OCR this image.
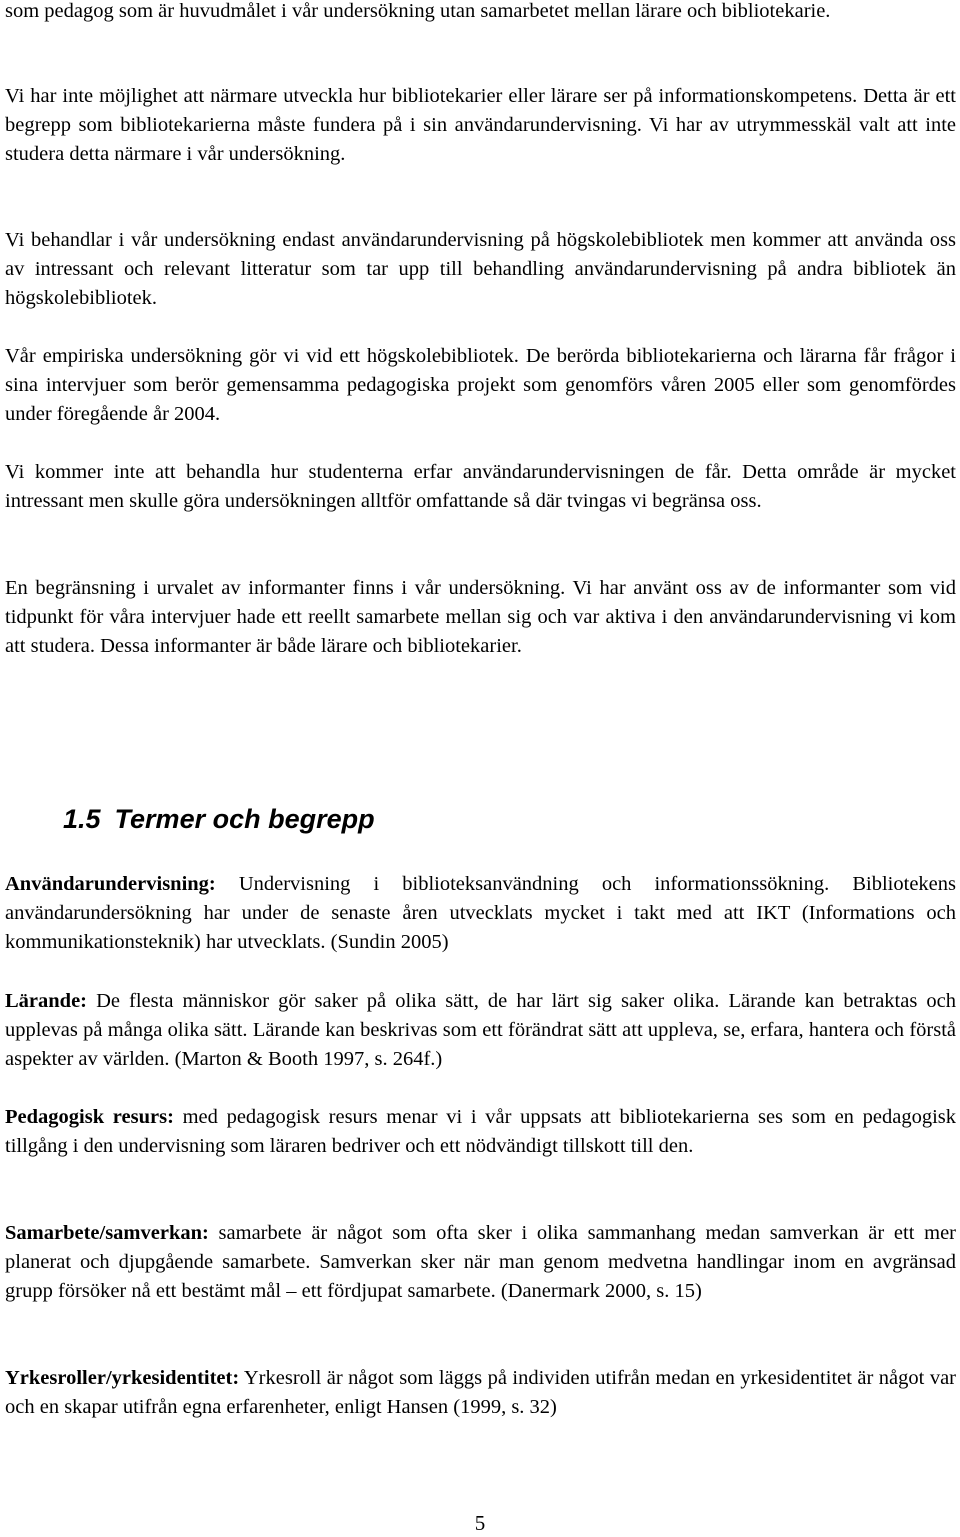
som pedagog som är huvudmålet i vår undersökning utan samarbetet mellan lärare och bibliotekarie.

Vi har inte möjlighet att närmare utveckla hur bibliotekarier eller lärare ser på informationskompetens. Detta är ett begrepp som bibliotekarierna måste fundera på i sin användarundervisning. Vi har av utrymmesskäl valt att inte studera detta närmare i vår undersökning.

Vi behandlar i vår undersökning endast användarundervisning på högskolebibliotek men kommer att använda oss av intressant och relevant litteratur som tar upp till behandling användarundervisning på andra bibliotek än högskolebibliotek.

Vår empiriska undersökning gör vi vid ett högskolebibliotek. De berörda bibliotekarierna och lärarna får frågor i sina intervjuer som berör gemensamma pedagogiska projekt som genomförs våren 2005 eller som genomfördes under föregående år 2004.

Vi kommer inte att behandla hur studenterna erfar användarundervisningen de får. Detta område är mycket intressant men skulle göra undersökningen alltför omfattande så där tvingas vi begränsa oss.

En begränsning i urvalet av informanter finns i vår undersökning. Vi har använt oss av de informanter som vid tidpunkt för våra intervjuer hade ett reellt samarbete mellan sig och var aktiva i den användarundervisning vi kom att studera. Dessa informanter är både lärare och bibliotekarier.

Användarundervisning: Undervisning i biblioteksanvändning och informationssökning. Bibliotekens användarundersökning har under de senaste åren utvecklats mycket i takt med att IKT (Informations och kommunikationsteknik) har utvecklats. (Sundin 2005)

Lärande: De flesta människor gör saker på olika sätt, de har lärt sig saker olika. Lärande kan betraktas och upplevas på många olika sätt. Lärande kan beskrivas som ett förändrat sätt att uppleva, se, erfara, hantera och förstå aspekter av världen. (Marton & Booth 1997, s. 264f.)

Pedagogisk resurs: med pedagogisk resurs menar vi i vår uppsats att bibliotekarierna ses som en pedagogisk tillgång i den undervisning som läraren bedriver och ett nödvändigt tillskott till den.

Samarbete/samverkan: samarbete är något som ofta sker i olika sammanhang medan samverkan är ett mer planerat och djupgående samarbete. Samverkan sker när man genom medvetna handlingar inom en avgränsad grupp försöker nå ett bestämt mål – ett fördjupat samarbete. (Danermark 2000, s. 15)

Yrkesroller/yrkesidentitet: Yrkesroll är något som läggs på individen utifrån medan en yrkesidentitet är något var och en skapar utifrån egna erfarenheter, enligt Hansen (1999, s. 32)

1.5 Termer och begrepp
5
